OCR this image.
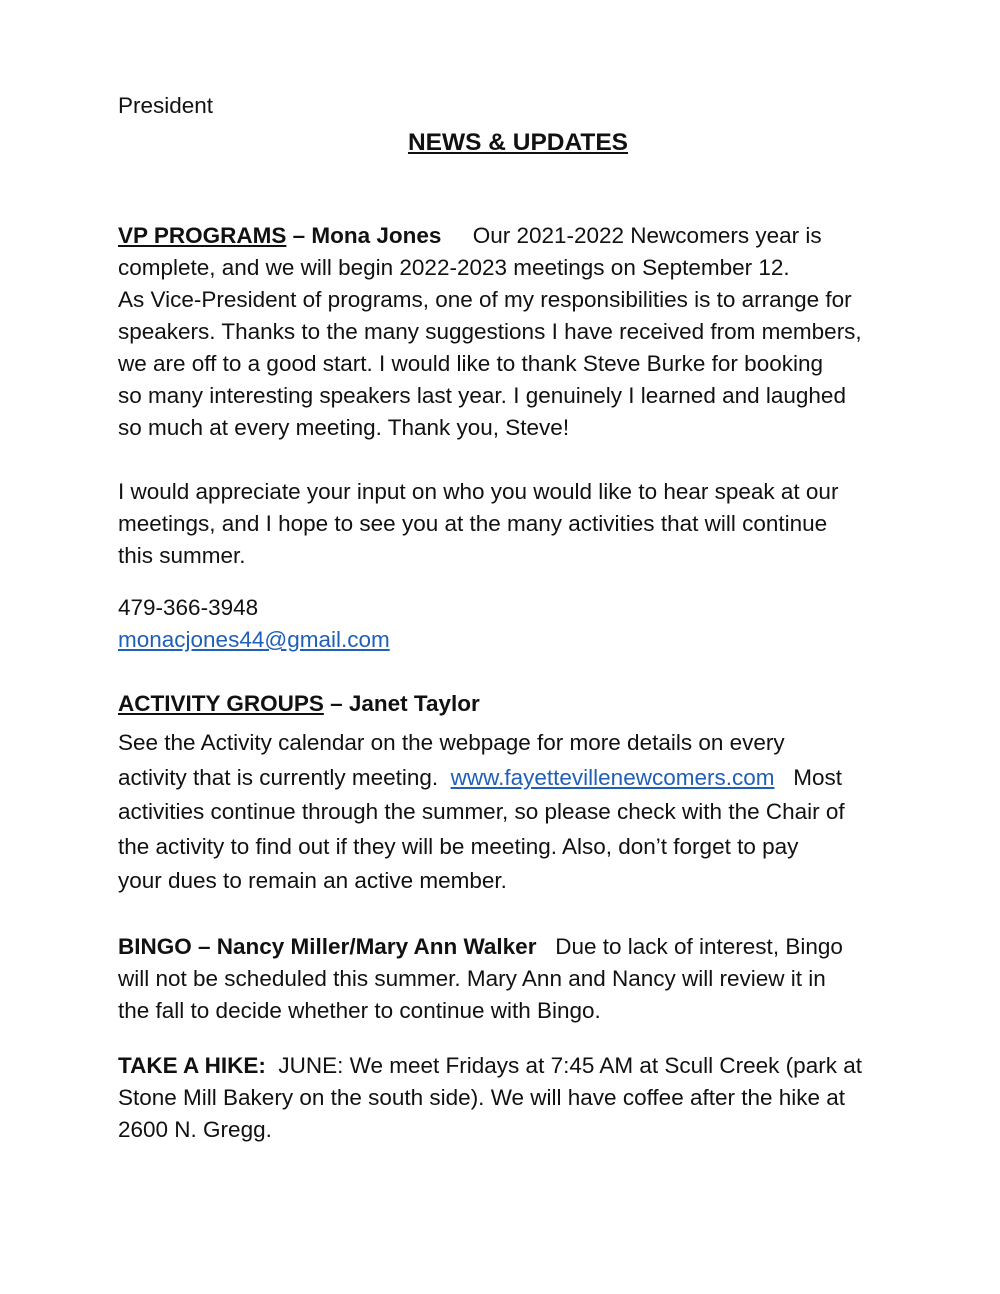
President

NEWS & UPDATES

VP PROGRAMS – Mona Jones Our 2021-2022 Newcomers year is

complete, and we will begin 2022-2023 meetings on September 12.

As Vice-President of programs, one of my responsibilities is to arrange for

speakers. Thanks to the many suggestions I have received from members,

we are off to a good start. I would like to thank Steve Burke for booking

so many interesting speakers last year. I genuinely I learned and laughed

so much at every meeting. Thank you, Steve!

I would appreciate your input on who you would like to hear speak at our

meetings, and I hope to see you at the many activities that will continue

this summer.

479-366-3948

monacjones44@gmail.com

ACTIVITY GROUPS – Janet Taylor

See the Activity calendar on the webpage for more details on every

activity that is currently meeting.  www.fayettevillenewcomers.com   Most

activities continue through the summer, so please check with the Chair of

the activity to find out if they will be meeting. Also, don’t forget to pay

your dues to remain an active member.

BINGO – Nancy Miller/Mary Ann Walker   Due to lack of interest, Bingo

will not be scheduled this summer. Mary Ann and Nancy will review it in

the fall to decide whether to continue with Bingo.

TAKE A HIKE:  JUNE: We meet Fridays at 7:45 AM at Scull Creek (park at

Stone Mill Bakery on the south side). We will have coffee after the hike at

2600 N. Gregg.
